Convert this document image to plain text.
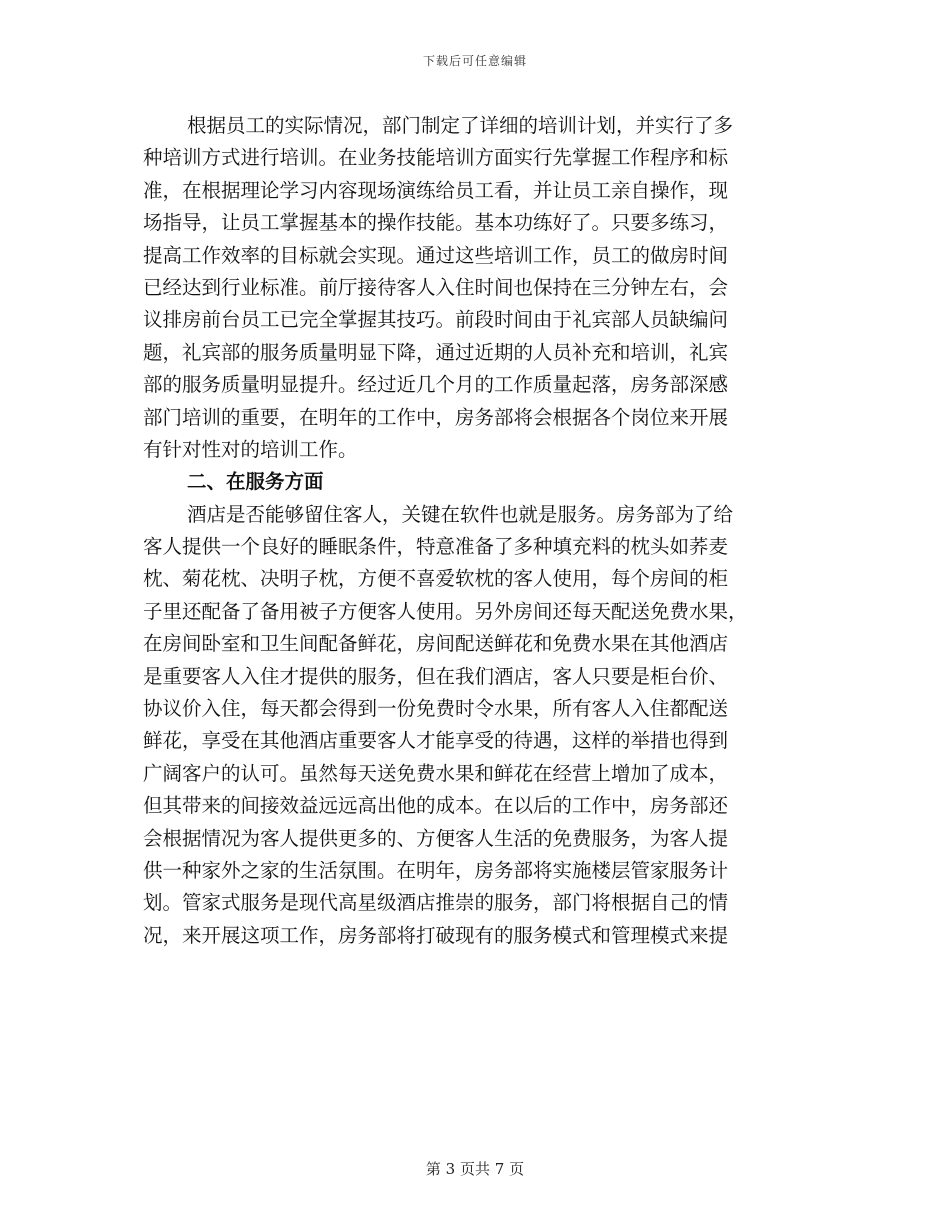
下载后可任意编辑
根据员工的实际情况，部门制定了详细的培训计划，并实行了多
种培训方式进行培训。在业务技能培训方面实行先掌握工作程序和标
准，在根据理论学习内容现场演练给员工看，并让员工亲自操作，现
场指导，让员工掌握基本的操作技能。基本功练好了。只要多练习，
提高工作效率的目标就会实现。通过这些培训工作，员工的做房时间
已经达到行业标准。前厅接待客人入住时间也保持在三分钟左右，会
议排房前台员工已完全掌握其技巧。前段时间由于礼宾部人员缺编问
题，礼宾部的服务质量明显下降，通过近期的人员补充和培训，礼宾
部的服务质量明显提升。经过近几个月的工作质量起落，房务部深感
部门培训的重要，在明年的工作中，房务部将会根据各个岗位来开展
有针对性对的培训工作。
二、在服务方面
酒店是否能够留住客人，关键在软件也就是服务。房务部为了给
客人提供一个良好的睡眠条件，特意准备了多种填充料的枕头如荞麦
枕、菊花枕、决明子枕，方便不喜爱软枕的客人使用，每个房间的柜
子里还配备了备用被子方便客人使用。另外房间还每天配送免费水果，
在房间卧室和卫生间配备鲜花，房间配送鲜花和免费水果在其他酒店
是重要客人入住才提供的服务，但在我们酒店，客人只要是柜台价、
协议价入住，每天都会得到一份免费时令水果，所有客人入住都配送
鲜花，享受在其他酒店重要客人才能享受的待遇，这样的举措也得到
广阔客户的认可。虽然每天送免费水果和鲜花在经营上增加了成本，
但其带来的间接效益远远高出他的成本。在以后的工作中，房务部还
会根据情况为客人提供更多的、方便客人生活的免费服务，为客人提
供一种家外之家的生活氛围。在明年，房务部将实施楼层管家服务计
划。管家式服务是现代高星级酒店推崇的服务，部门将根据自己的情
况，来开展这项工作，房务部将打破现有的服务模式和管理模式来提
第 3 页共 7 页
